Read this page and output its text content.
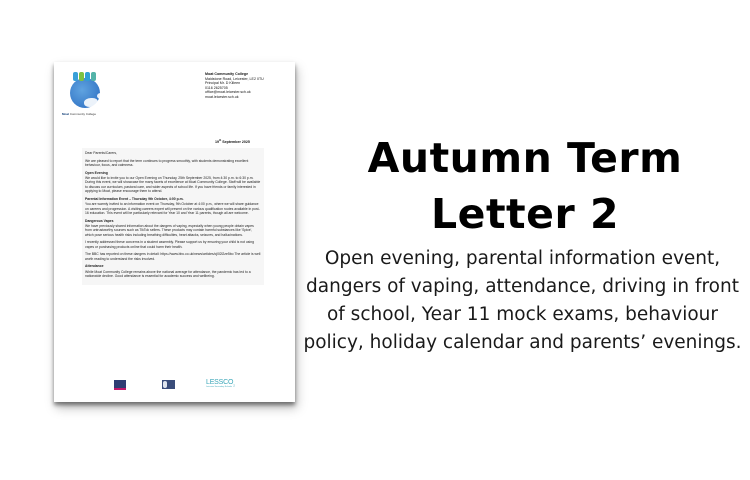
Moat Community College
Moat Community College
Maidstone Road, Leicester, LE2 0TU
Principal Mr. D Killeen
0116 2625705
office@moat.leicester.sch.uk
moat.leicester.sch.uk
19th September 2025

Dear Parents/Carers,

We are pleased to report that the term continues to progress smoothly, with students demonstrating excellent behaviour, focus, and calmness.

Open Evening

We would like to invite you to our Open Evening on Thursday, 25th September 2025, from 4:30 p.m. to 6:30 p.m. During this event, we will showcase the many facets of excellence at Moat Community College. Staff will be available to discuss our curriculum, pastoral care, and wider aspects of school life. If you have friends or family interested in applying to Moat, please encourage them to attend.

Parental Information Event – Thursday 9th October, 4:00 p.m.

You are warmly invited to an information event on Thursday, 9th October at 4:00 p.m., where we will share guidance on careers and progression. A visiting careers expert will present on the various qualification routes available in post-16 education. This event will be particularly relevant for Year 10 and Year 11 parents, though all are welcome.

Dangerous Vapes

We have previously shared information about the dangers of vaping, especially when young people obtain vapes from untrustworthy sources such as TikTok sellers. These products may contain harmful substances like 'Spice', which pose serious health risks including breathing difficulties, heart attacks, seizures, and hallucinations.

I recently addressed these concerns in a student assembly. Please support us by ensuring your child is not using vapes or purchasing products online that could harm their health.

The BBC has reported on these dangers in detail: https://www.bbc.co.uk/news/articles/cj0l2l2ze5bo The article is well worth reading to understand the risks involved.

Attendance

While Moat Community College remains above the national average for attendance, the pandemic has led to a nationwide decline. Good attendance is essential for academic success and wellbeing.

$LESSCO_2$
Leicester Secondary Schools
Autumn Term
Letter 2
Open evening, parental information event, dangers of vaping, attendance, driving in front of school, Year 11 mock exams, behaviour policy, holiday calendar and parents’ evenings.
